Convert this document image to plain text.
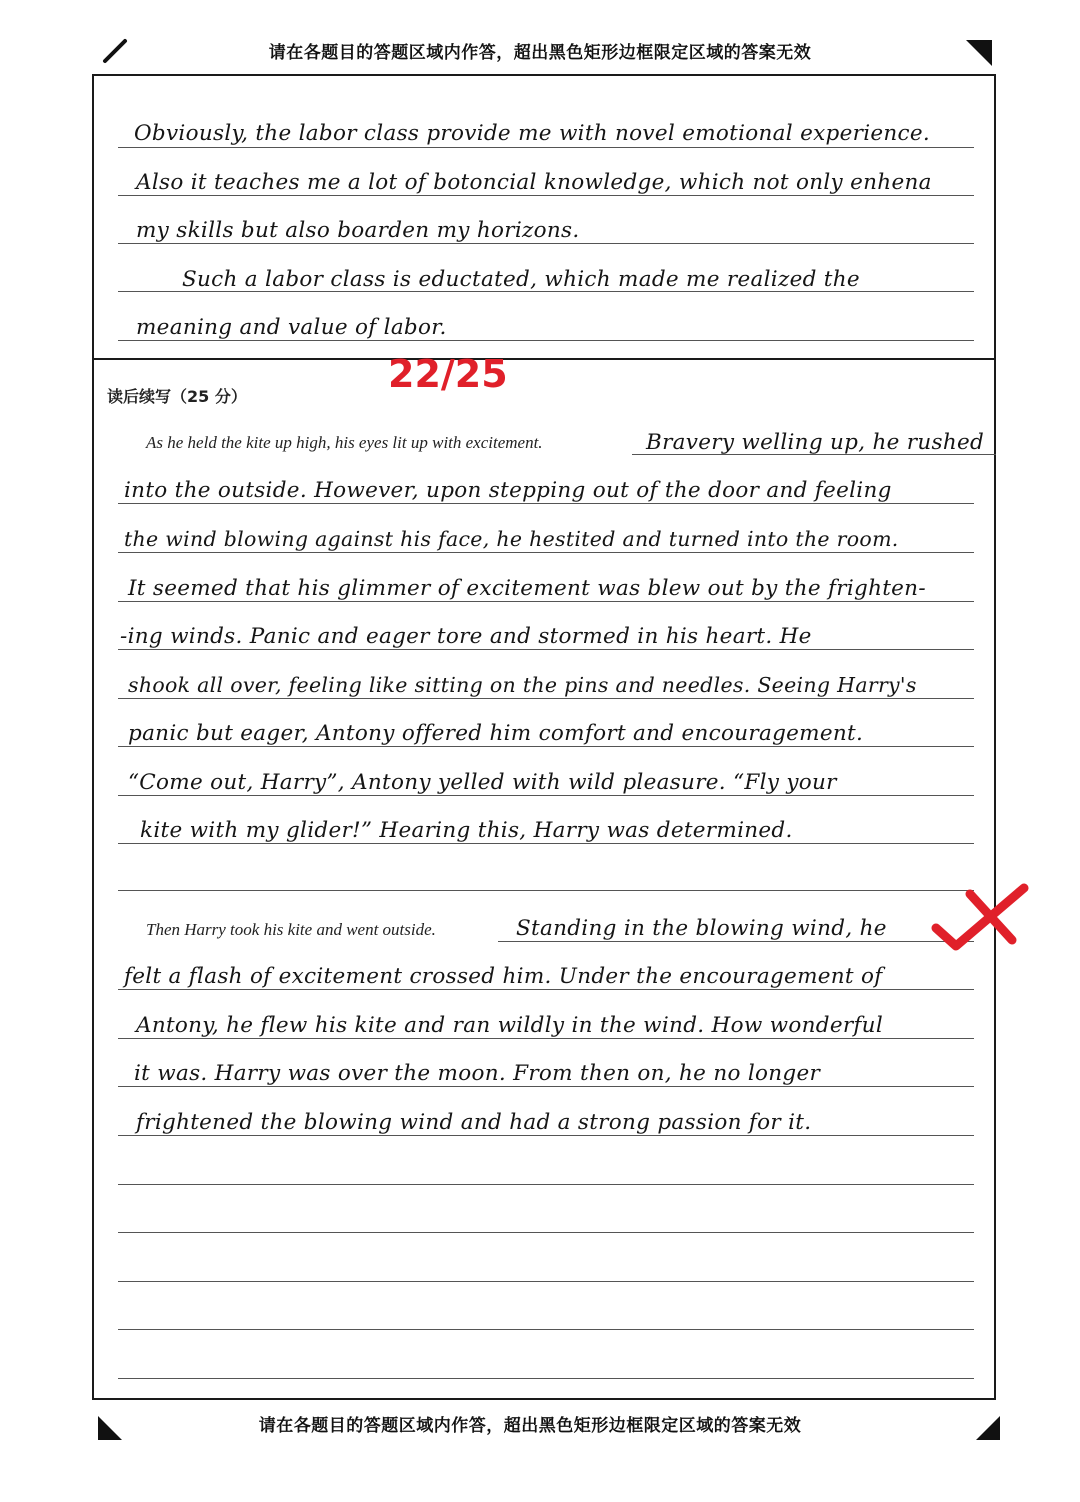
请在各题目的答题区域内作答，超出黑色矩形边框限定区域的答案无效
Obviously, the labor class provide me with novel emotional experience.
Also it teaches me a lot of botoncial knowledge, which not only enhena
my skills but also boarden my horizons.
Such a labor class is eductated, which made me realized the
meaning and value of labor.
读后续写（25 分）
22/25
As he held the kite up high, his eyes lit up with excitement.	Bravery welling up, he rushed
into the outside. However, upon stepping out of the door and feeling
the wind blowing against his face, he hestited and turned into the room.
It seemed that his glimmer of excitement was blew out by the frighten-
-ing winds. Panic and eager tore and stormed in his heart. He
shook all over, feeling like sitting on the pins and needles. Seeing Harry's
panic but eager, Antony offered him comfort and encouragement.
“Come out, Harry”, Antony yelled with wild pleasure. “Fly your
kite with my glider!” Hearing this, Harry was determined.
Then Harry took his kite and went outside.	Standing in the blowing wind, he
felt a flash of excitement crossed him. Under the encouragement of
Antony, he flew his kite and ran wildly in the wind. How wonderful
it was. Harry was over the moon. From then on, he no longer
frightened the blowing wind and had a strong passion for it.
请在各题目的答题区域内作答，超出黑色矩形边框限定区域的答案无效
